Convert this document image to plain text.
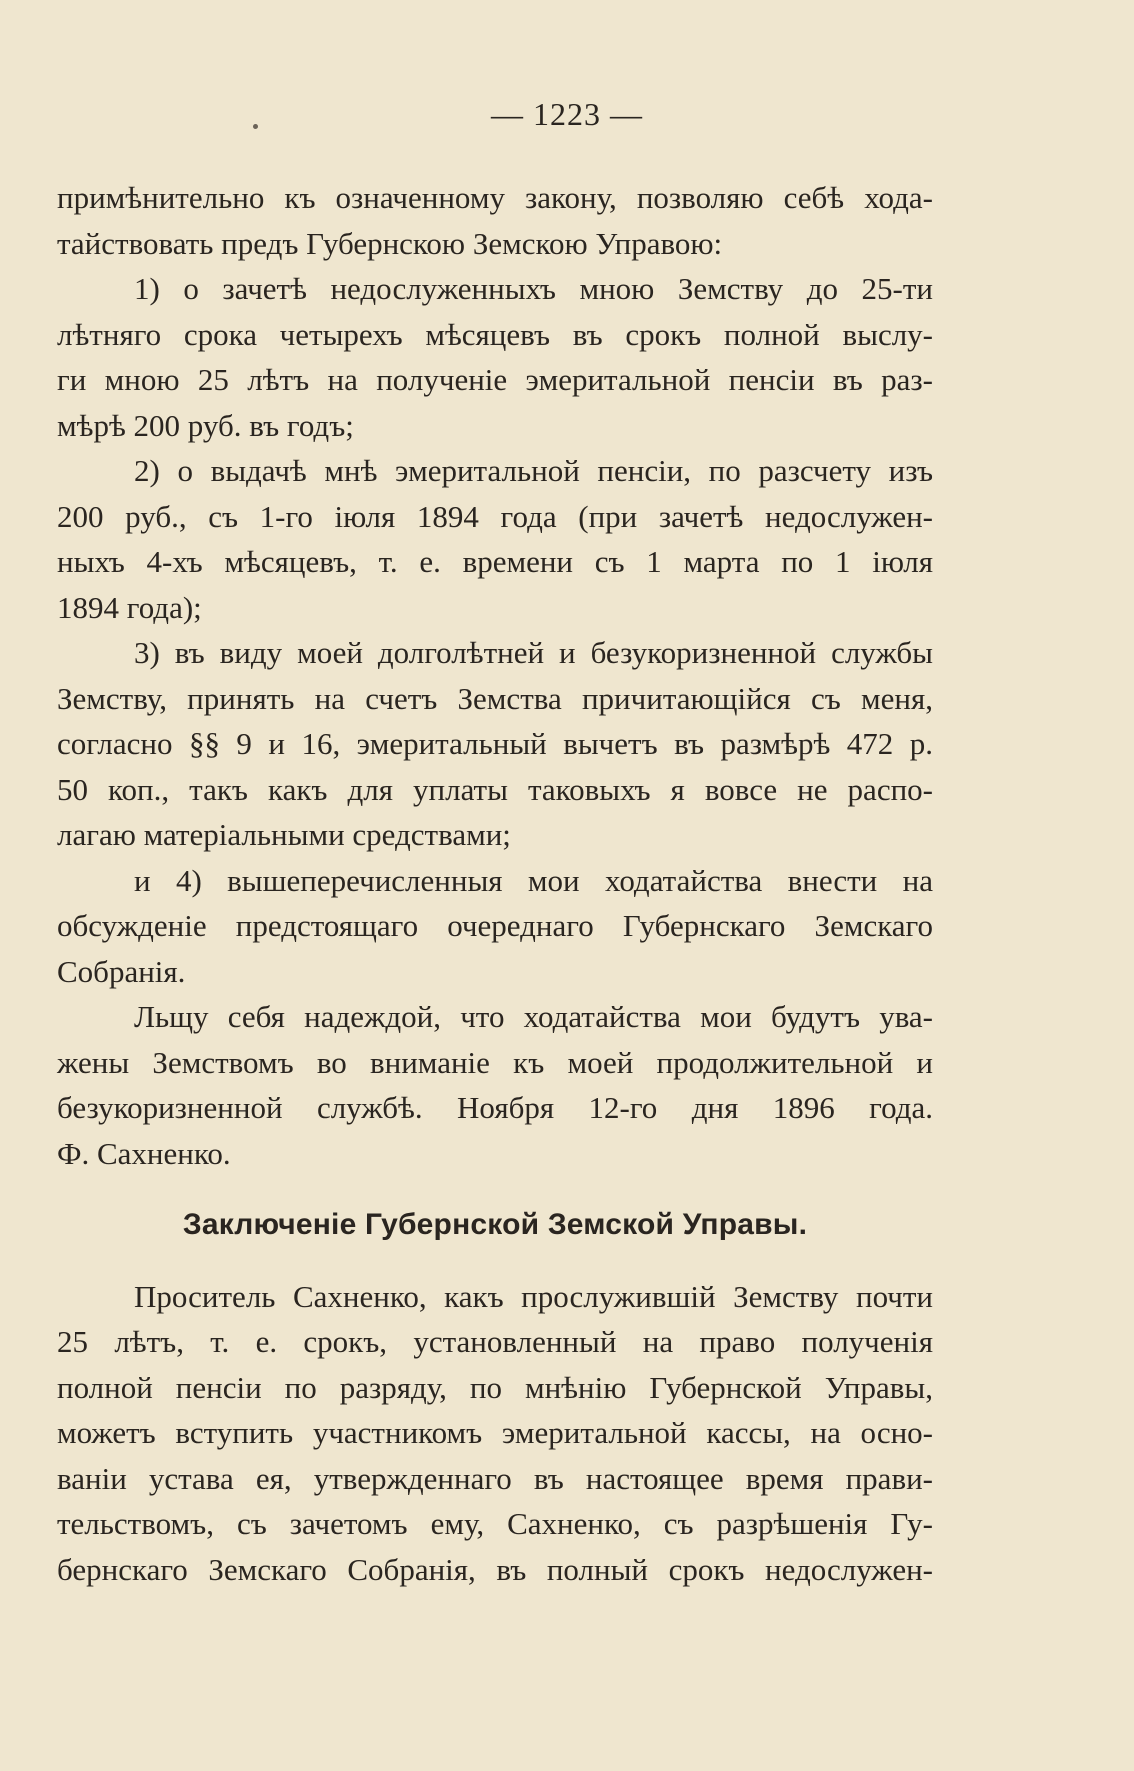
— 1223 —
примѣнительно къ означенному закону, позволяю себѣ хода-
тайствовать предъ Губернскою Земскою Управою:
1) о зачетѣ недослуженныхъ мною Земству до 25-ти
лѣтняго срока четырехъ мѣсяцевъ въ срокъ полной выслу-
ги мною 25 лѣтъ на полученіе эмеритальной пенсіи въ раз-
мѣрѣ 200 руб. въ годъ;
2) о выдачѣ мнѣ эмеритальной пенсіи, по разсчету изъ
200 руб., съ 1-го іюля 1894 года (при зачетѣ недослужен-
ныхъ 4-хъ мѣсяцевъ, т. е. времени съ 1 марта по 1 іюля
1894 года);
3) въ виду моей долголѣтней и безукоризненной службы
Земству, принять на счетъ Земства причитающійся съ меня,
согласно §§ 9 и 16, эмеритальный вычетъ въ размѣрѣ 472 р.
50 коп., такъ какъ для уплаты таковыхъ я вовсе не распо-
лагаю матеріальными средствами;
и 4) вышеперечисленныя мои ходатайства внести на
обсужденіе предстоящаго очереднаго Губернскаго Земскаго
Собранія.
Льщу себя надеждой, что ходатайства мои будутъ ува-
жены Земствомъ во вниманіе къ моей продолжительной и
безукоризненной службѣ. Ноября 12-го дня 1896 года.
Ф. Сахненко.
Заключеніе Губернской Земской Управы.
Проситель Сахненко, какъ прослужившій Земству почти
25 лѣтъ, т. е. срокъ, установленный на право полученія
полной пенсіи по разряду, по мнѣнію Губернской Управы,
можетъ вступить участникомъ эмеритальной кассы, на осно-
ваніи устава ея, утвержденнаго въ настоящее время прави-
тельствомъ, съ зачетомъ ему, Сахненко, съ разрѣшенія Гу-
бернскаго Земскаго Собранія, въ полный срокъ недослужен-
